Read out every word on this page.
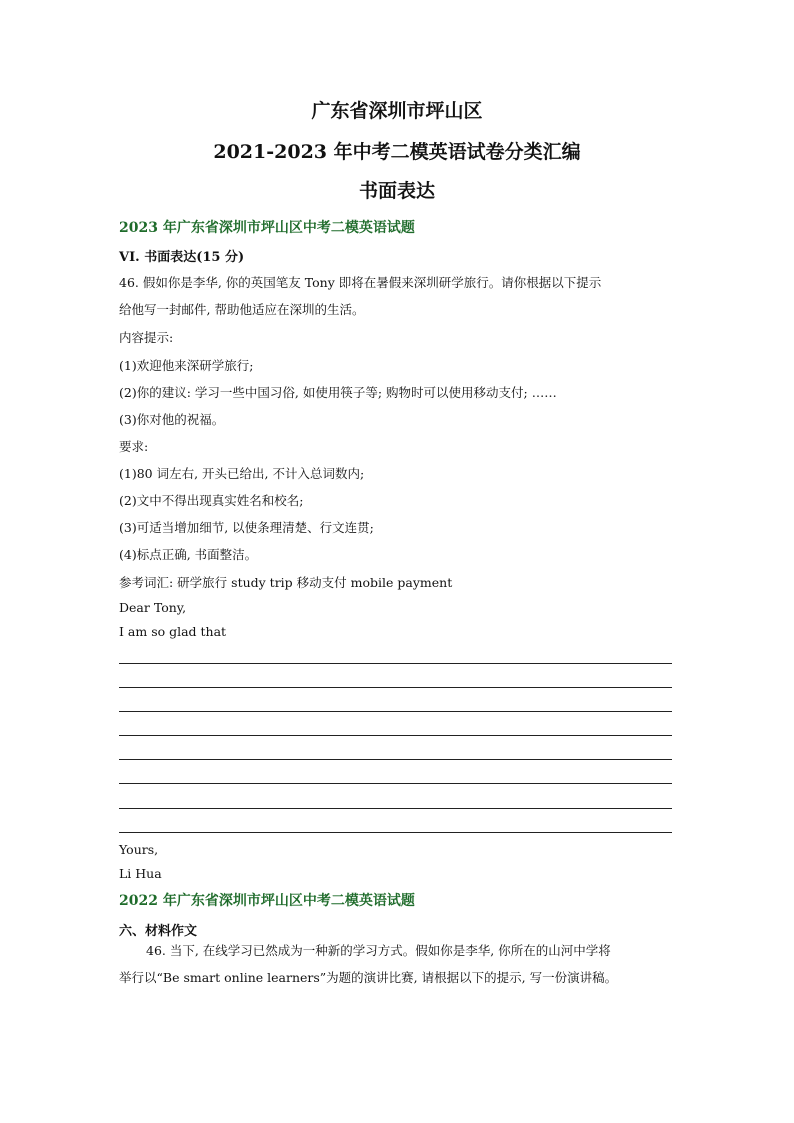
广东省深圳市坪山区
2021-2023 年中考二模英语试卷分类汇编
书面表达
2023 年广东省深圳市坪山区中考二模英语试题
VI. 书面表达(15 分)
46. 假如你是李华, 你的英国笔友 Tony 即将在暑假来深圳研学旅行。请你根据以下提示
给他写一封邮件, 帮助他适应在深圳的生活。
内容提示:
(1)欢迎他来深研学旅行;
(2)你的建议: 学习一些中国习俗, 如使用筷子等; 购物时可以使用移动支付; ……
(3)你对他的祝福。
要求:
(1)80 词左右, 开头已给出, 不计入总词数内;
(2)文中不得出现真实姓名和校名;
(3)可适当增加细节, 以使条理清楚、行文连贯;
(4)标点正确, 书面整洁。
参考词汇: 研学旅行 study trip 移动支付 mobile payment
Dear Tony,
I am so glad that
Yours,
Li Hua
2022 年广东省深圳市坪山区中考二模英语试题
六、材料作文
46. 当下, 在线学习已然成为一种新的学习方式。假如你是李华, 你所在的山河中学将
举行以“Be smart online learners”为题的演讲比赛, 请根据以下的提示, 写一份演讲稿。
